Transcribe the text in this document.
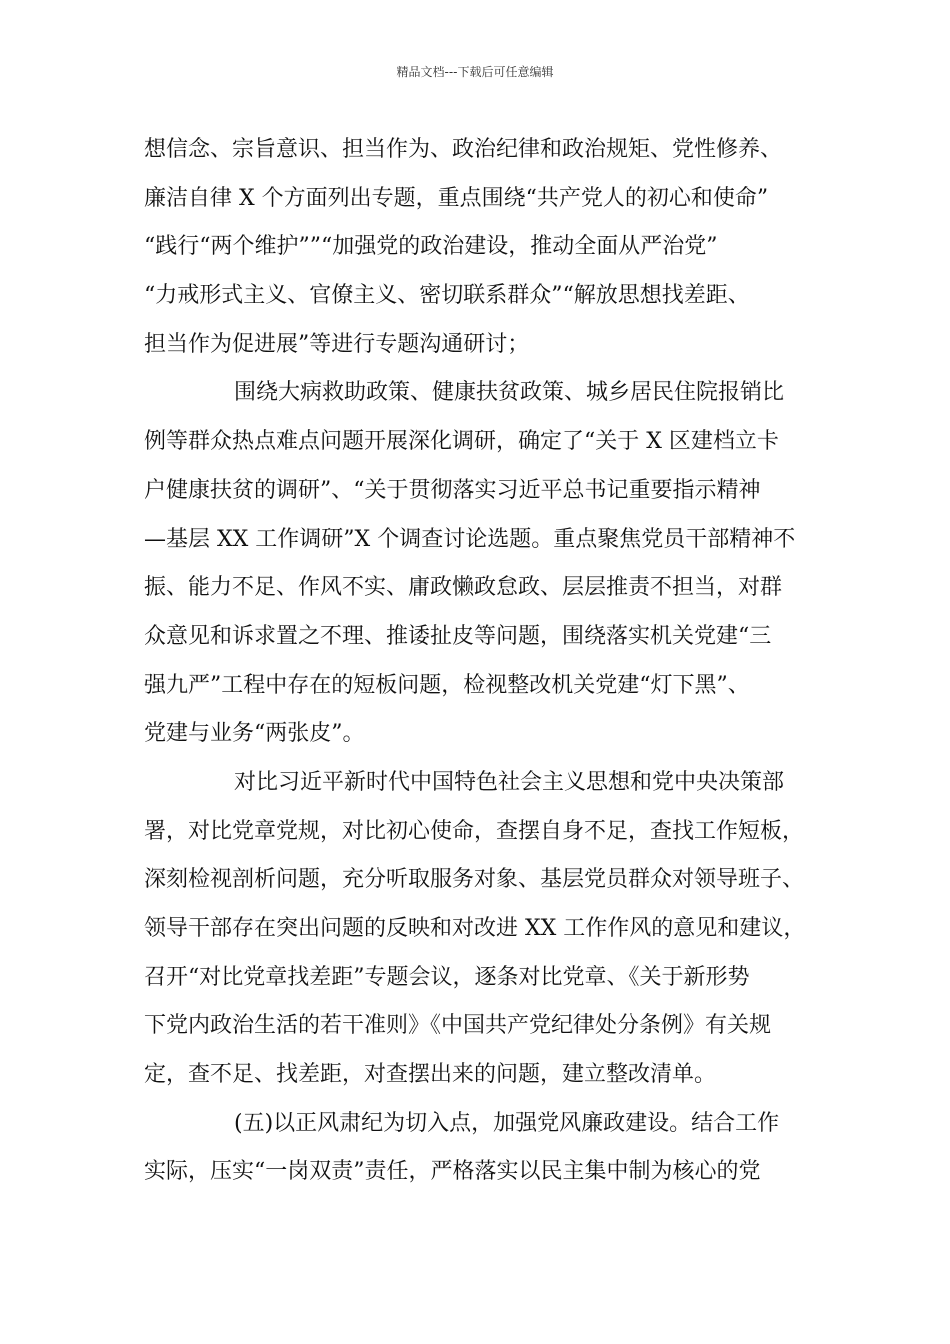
精品文档---下载后可任意编辑
想信念、宗旨意识、担当作为、政治纪律和政治规矩、党性修养、
廉洁自律 X 个方面列出专题，重点围绕“共产党人的初心和使命”
“践行“两个维护””“加强党的政治建设，推动全面从严治党”
“力戒形式主义、官僚主义、密切联系群众”“解放思想找差距、
担当作为促进展”等进行专题沟通研讨；
围绕大病救助政策、健康扶贫政策、城乡居民住院报销比
例等群众热点难点问题开展深化调研，确定了“关于 X 区建档立卡
户健康扶贫的调研”、“关于贯彻落实习近平总书记重要指示精神
—基层 XX 工作调研”X 个调查讨论选题。重点聚焦党员干部精神不
振、能力不足、作风不实、庸政懒政怠政、层层推责不担当，对群
众意见和诉求置之不理、推诿扯皮等问题，围绕落实机关党建“三
强九严”工程中存在的短板问题，检视整改机关党建“灯下黑”、
党建与业务“两张皮”。
对比习近平新时代中国特色社会主义思想和党中央决策部
署，对比党章党规，对比初心使命，查摆自身不足，查找工作短板，
深刻检视剖析问题，充分听取服务对象、基层党员群众对领导班子、
领导干部存在突出问题的反映和对改进 XX 工作作风的意见和建议，
召开“对比党章找差距”专题会议，逐条对比党章、《关于新形势
下党内政治生活的若干准则》《中国共产党纪律处分条例》有关规
定，查不足、找差距，对查摆出来的问题，建立整改清单。
(五)以正风肃纪为切入点，加强党风廉政建设。结合工作
实际，压实“一岗双责”责任，严格落实以民主集中制为核心的党
